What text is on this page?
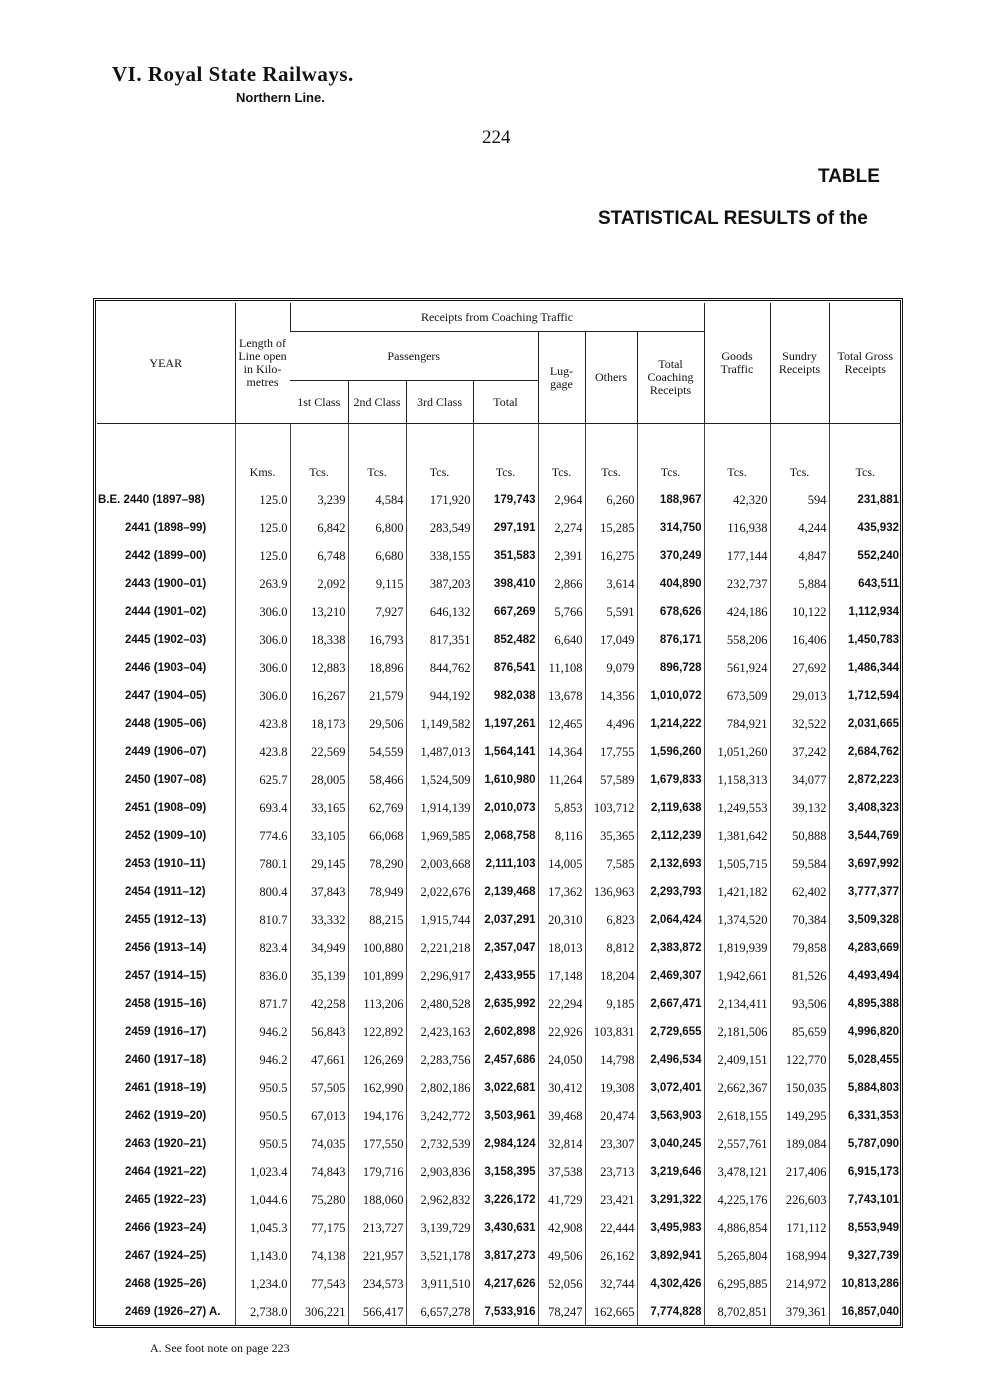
VI. Royal State Railways.
Northern Line.
224
TABLE
STATISTICAL RESULTS of the
YEAR	Length of Line open in Kilo-metres	Receipts from Coaching Traffic							Goods Traffic	Sundry Receipts	Total Gross Receipts
		Passengers				Lug-gage	Others	Total Coaching Receipts			
		1st Class	2nd Class	3rd Class	Total						
	Kms.	Tcs.	Tcs.	Tcs.	Tcs.	Tcs.	Tcs.	Tcs.	Tcs.	Tcs.	Tcs.
B.E. 2440 (1897–98)	125.0	3,239	4,584	171,920	179,743	2,964	6,260	188,967	42,320	594	231,881
2441 (1898–99)	125.0	6,842	6,800	283,549	297,191	2,274	15,285	314,750	116,938	4,244	435,932
2442 (1899–00)	125.0	6,748	6,680	338,155	351,583	2,391	16,275	370,249	177,144	4,847	552,240
2443 (1900–01)	263.9	2,092	9,115	387,203	398,410	2,866	3,614	404,890	232,737	5,884	643,511
2444 (1901–02)	306.0	13,210	7,927	646,132	667,269	5,766	5,591	678,626	424,186	10,122	1,112,934
2445 (1902–03)	306.0	18,338	16,793	817,351	852,482	6,640	17,049	876,171	558,206	16,406	1,450,783
2446 (1903–04)	306.0	12,883	18,896	844,762	876,541	11,108	9,079	896,728	561,924	27,692	1,486,344
2447 (1904–05)	306.0	16,267	21,579	944,192	982,038	13,678	14,356	1,010,072	673,509	29,013	1,712,594
2448 (1905–06)	423.8	18,173	29,506	1,149,582	1,197,261	12,465	4,496	1,214,222	784,921	32,522	2,031,665
2449 (1906–07)	423.8	22,569	54,559	1,487,013	1,564,141	14,364	17,755	1,596,260	1,051,260	37,242	2,684,762
2450 (1907–08)	625.7	28,005	58,466	1,524,509	1,610,980	11,264	57,589	1,679,833	1,158,313	34,077	2,872,223
2451 (1908–09)	693.4	33,165	62,769	1,914,139	2,010,073	5,853	103,712	2,119,638	1,249,553	39,132	3,408,323
2452 (1909–10)	774.6	33,105	66,068	1,969,585	2,068,758	8,116	35,365	2,112,239	1,381,642	50,888	3,544,769
2453 (1910–11)	780.1	29,145	78,290	2,003,668	2,111,103	14,005	7,585	2,132,693	1,505,715	59,584	3,697,992
2454 (1911–12)	800.4	37,843	78,949	2,022,676	2,139,468	17,362	136,963	2,293,793	1,421,182	62,402	3,777,377
2455 (1912–13)	810.7	33,332	88,215	1,915,744	2,037,291	20,310	6,823	2,064,424	1,374,520	70,384	3,509,328
2456 (1913–14)	823.4	34,949	100,880	2,221,218	2,357,047	18,013	8,812	2,383,872	1,819,939	79,858	4,283,669
2457 (1914–15)	836.0	35,139	101,899	2,296,917	2,433,955	17,148	18,204	2,469,307	1,942,661	81,526	4,493,494
2458 (1915–16)	871.7	42,258	113,206	2,480,528	2,635,992	22,294	9,185	2,667,471	2,134,411	93,506	4,895,388
2459 (1916–17)	946.2	56,843	122,892	2,423,163	2,602,898	22,926	103,831	2,729,655	2,181,506	85,659	4,996,820
2460 (1917–18)	946.2	47,661	126,269	2,283,756	2,457,686	24,050	14,798	2,496,534	2,409,151	122,770	5,028,455
2461 (1918–19)	950.5	57,505	162,990	2,802,186	3,022,681	30,412	19,308	3,072,401	2,662,367	150,035	5,884,803
2462 (1919–20)	950.5	67,013	194,176	3,242,772	3,503,961	39,468	20,474	3,563,903	2,618,155	149,295	6,331,353
2463 (1920–21)	950.5	74,035	177,550	2,732,539	2,984,124	32,814	23,307	3,040,245	2,557,761	189,084	5,787,090
2464 (1921–22)	1,023.4	74,843	179,716	2,903,836	3,158,395	37,538	23,713	3,219,646	3,478,121	217,406	6,915,173
2465 (1922–23)	1,044.6	75,280	188,060	2,962,832	3,226,172	41,729	23,421	3,291,322	4,225,176	226,603	7,743,101
2466 (1923–24)	1,045.3	77,175	213,727	3,139,729	3,430,631	42,908	22,444	3,495,983	4,886,854	171,112	8,553,949
2467 (1924–25)	1,143.0	74,138	221,957	3,521,178	3,817,273	49,506	26,162	3,892,941	5,265,804	168,994	9,327,739
2468 (1925–26)	1,234.0	77,543	234,573	3,911,510	4,217,626	52,056	32,744	4,302,426	6,295,885	214,972	10,813,286
2469 (1926–27) A.	2,738.0	306,221	566,417	6,657,278	7,533,916	78,247	162,665	7,774,828	8,702,851	379,361	16,857,040
A. See foot note on page 223
